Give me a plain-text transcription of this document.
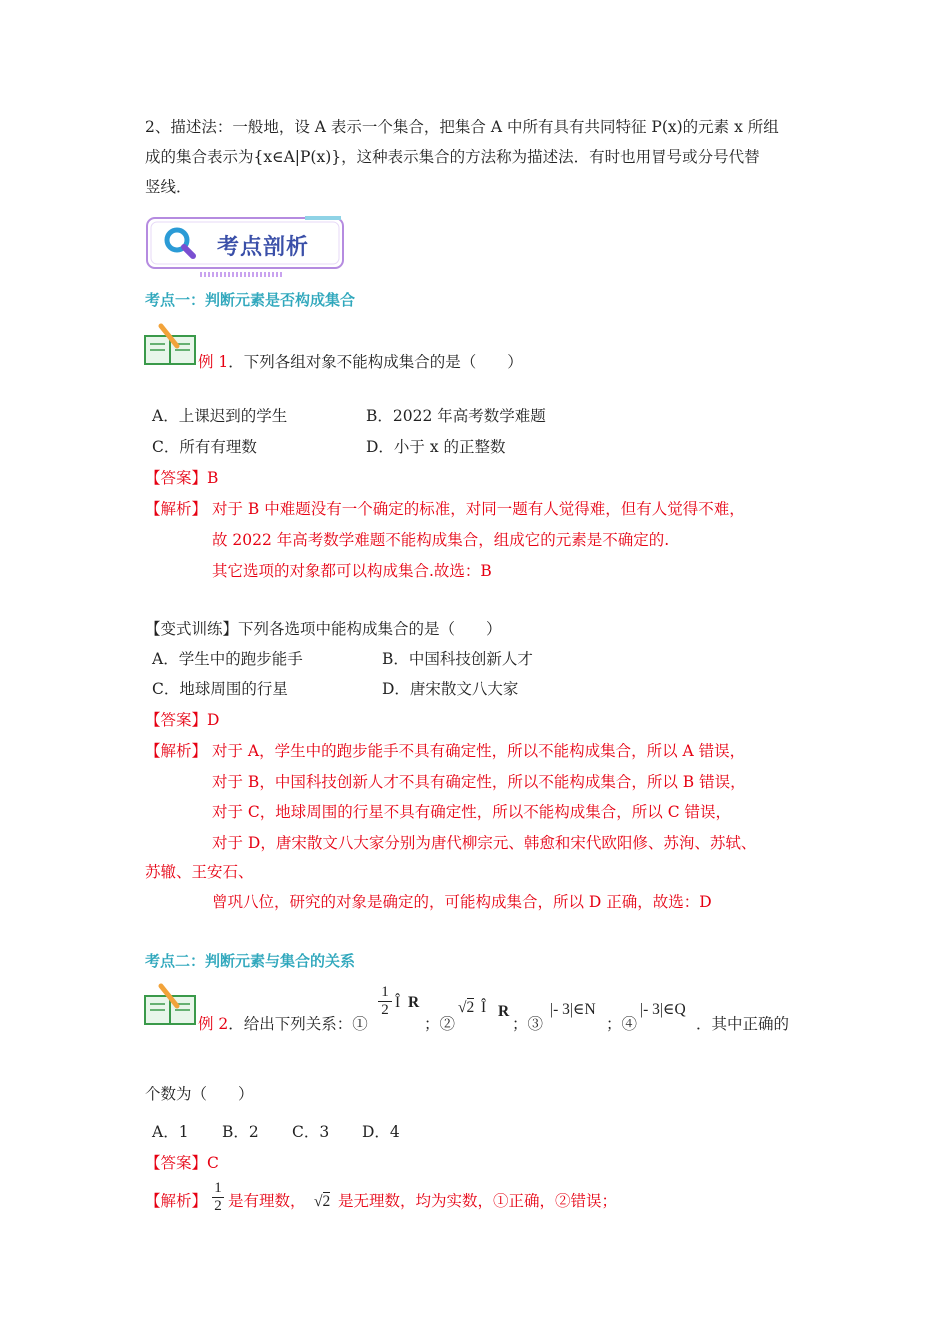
2、描述法：一般地，设 A 表示一个集合，把集合 A 中所有具有共同特征 P(x)的元素 x 所组
成的集合表示为{x∈A|P(x)}，这种表示集合的方法称为描述法．有时也用冒号或分号代替
竖线．
考点剖析
考点一：判断元素是否构成集合
例 1．下列各组对象不能构成集合的是（　　）
A．上课迟到的学生	B．2022 年高考数学难题
C．所有有理数	D．小于 x 的正整数
【答案】B
【解析】 对于 B 中难题没有一个确定的标准，对同一题有人觉得难，但有人觉得不难，
故 2022 年高考数学难题不能构成集合，组成它的元素是不确定的.
其它选项的对象都可以构成集合.故选：B
【变式训练】下列各选项中能构成集合的是（　　）
A．学生中的跑步能手	B．中国科技创新人才
C．地球周围的行星	D．唐宋散文八大家
【答案】D
【解析】 对于 A，学生中的跑步能手不具有确定性，所以不能构成集合，所以 A 错误，
对于 B，中国科技创新人才不具有确定性，所以不能构成集合，所以 B 错误，
对于 C，地球周围的行星不具有确定性，所以不能构成集合，所以 C 错误，
对于 D，唐宋散文八大家分别为唐代柳宗元、韩愈和宋代欧阳修、苏洵、苏轼、
苏辙、王安石、
曾巩八位，研究的对象是确定的，可能构成集合，所以 D 正确，故选：D
考点二：判断元素与集合的关系
例 2．给出下列关系：①
$\frac{1}{2}$ Î R
；②
√2 Î R
；③
|- 3|∈N
；④
|- 3|∈Q
．其中正确的
个数为（　　）
A．1 B．2 C．3 D．4
【答案】C
【解析】 $\frac{1}{2}$ 是有理数， √2 是无理数，均为实数，①正确，②错误；
